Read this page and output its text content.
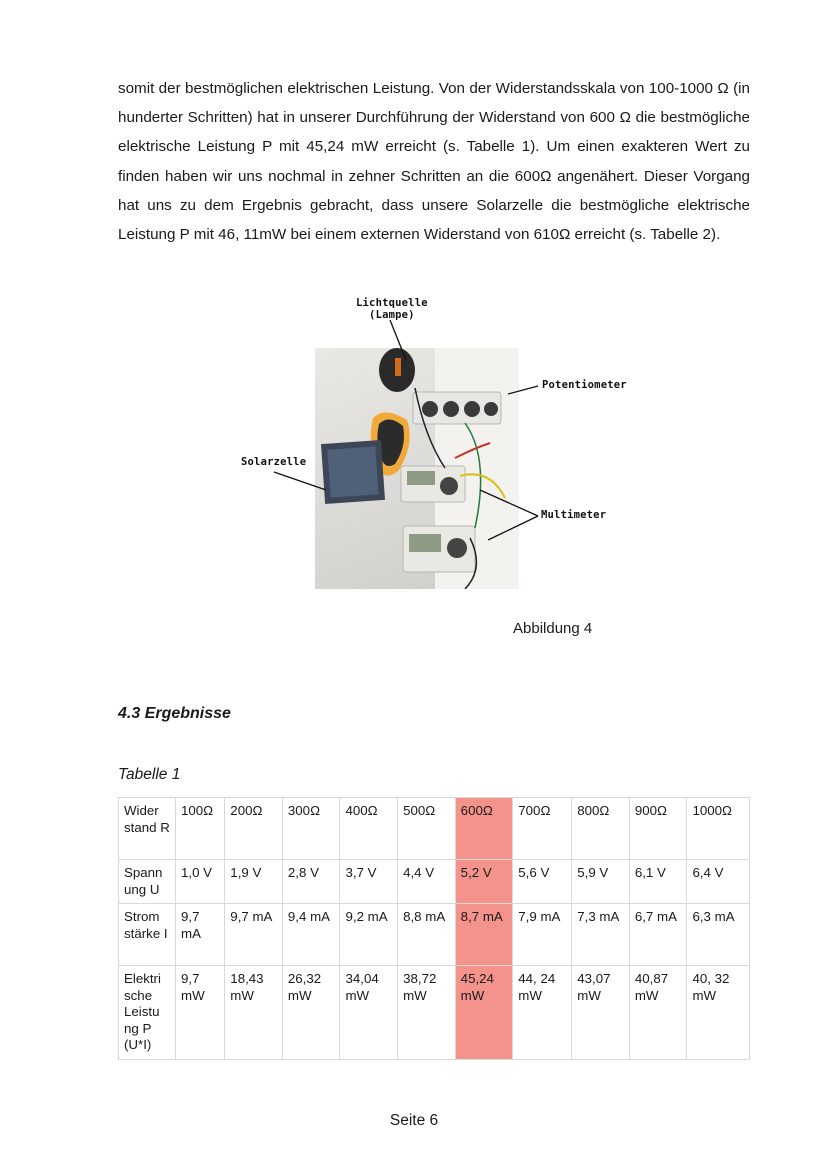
somit der bestmöglichen elektrischen Leistung. Von der Widerstandsskala von 100-1000 Ω (in hunderter Schritten) hat in unserer Durchführung der Widerstand von 600 Ω die bestmögliche elektrische Leistung P mit 45,24 mW erreicht (s. Tabelle 1). Um einen exakteren Wert zu finden haben wir uns nochmal in zehner Schritten an die 600Ω angenähert. Dieser Vorgang hat uns zu dem Ergebnis gebracht, dass unsere Solarzelle die bestmögliche elektrische Leistung P mit 46, 11mW bei einem externen Widerstand von 610Ω erreicht (s. Tabelle 2).

Lichtquelle
(Lampe)
Potentiometer
Solarzelle
Multimeter
Abbildung 4
4.3 Ergebnisse
Tabelle 1
Wider stand R	100Ω	200Ω	300Ω	400Ω	500Ω	600Ω	700Ω	800Ω	900Ω	1000Ω
Spann ung U	1,0 V	1,9 V	2,8 V	3,7 V	4,4 V	5,2 V	5,6 V	5,9 V	6,1 V	6,4 V
Strom stärke I	9,7 mA	9,7 mA	9,4 mA	9,2 mA	8,8 mA	8,7 mA	7,9 mA	7,3 mA	6,7 mA	6,3 mA
Elektri sche Leistu ng P (U*I)	9,7 mW	18,43 mW	26,32 mW	34,04 mW	38,72 mW	45,24 mW	44, 24 mW	43,07 mW	40,87 mW	40, 32 mW
Seite 6
